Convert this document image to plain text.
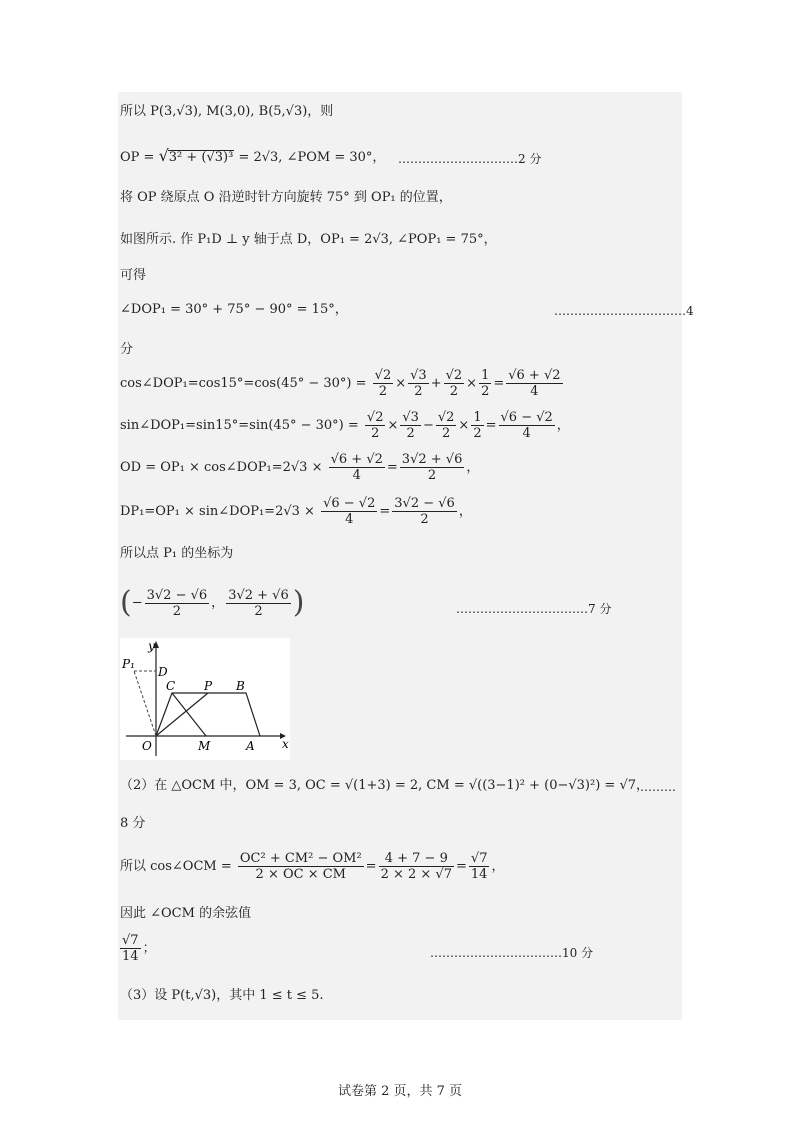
所以 P(3,√3), M(3,0), B(5,√3)，则
OP = √3² + (√3)³ = 2√3, ∠POM = 30°， …………………………2 分
将 OP 绕原点 O 沿逆时针方向旋转 75° 到 OP₁ 的位置，
如图所示. 作 P₁D ⊥ y 轴于点 D，OP₁ = 2√3, ∠POP₁ = 75°，
可得
∠DOP₁ = 30° + 75° − 90° = 15°，	……………………………4
分
cos∠DOP₁=cos15°=cos(45° − $30^\circ) = \frac{√2}{2} \times \frac{√3}{2} + \frac{√2}{2} \times \frac{1}{2} = \frac{√6 + √2}{4}$
sin∠DOP₁=sin15°=sin(45° − $30^\circ) = \frac{√2}{2} \times \frac{√3}{2} - \frac{√2}{2} \times \frac{1}{2} = \frac{√6 - √2}{4}$ ，
OD = OP₁ × cos∠DOP₁=2√3 × $\frac{√6 + √2}{4} = \frac{3√2 + √6}{2}$ ，
DP₁=OP₁ × sin∠DOP₁=2√3 × $\frac{√6 - √2}{4} = \frac{3√2 - √6}{2}$ ，
所以点 P₁ 的坐标为
(− $\frac{3√2 - √6}{2}$ ， $\frac{3√2 + √6}{2}$ )	……………………………7 分
y
x
O	M	A
C P B
D
P₁
（2）在 △OCM 中，OM = 3, OC = √(1+3) = 2, CM = √((3−1)² + (0−√3)²) = √7，
………
8 分
所以 cos∠OCM = $\frac{\text{OC² + CM² − OM²}}{2 \times OC \times CM} = \frac{4 + 7 - 9}{2 \times 2 \times √7} = \frac{√7}{14}$ ，
因此 ∠OCM 的余弦值
$\frac{√7}{14}$ ；	……………………………10 分
（3）设 P(t,√3)，其中 1 ≤ t ≤ 5.
试卷第 2 页，共 7 页
